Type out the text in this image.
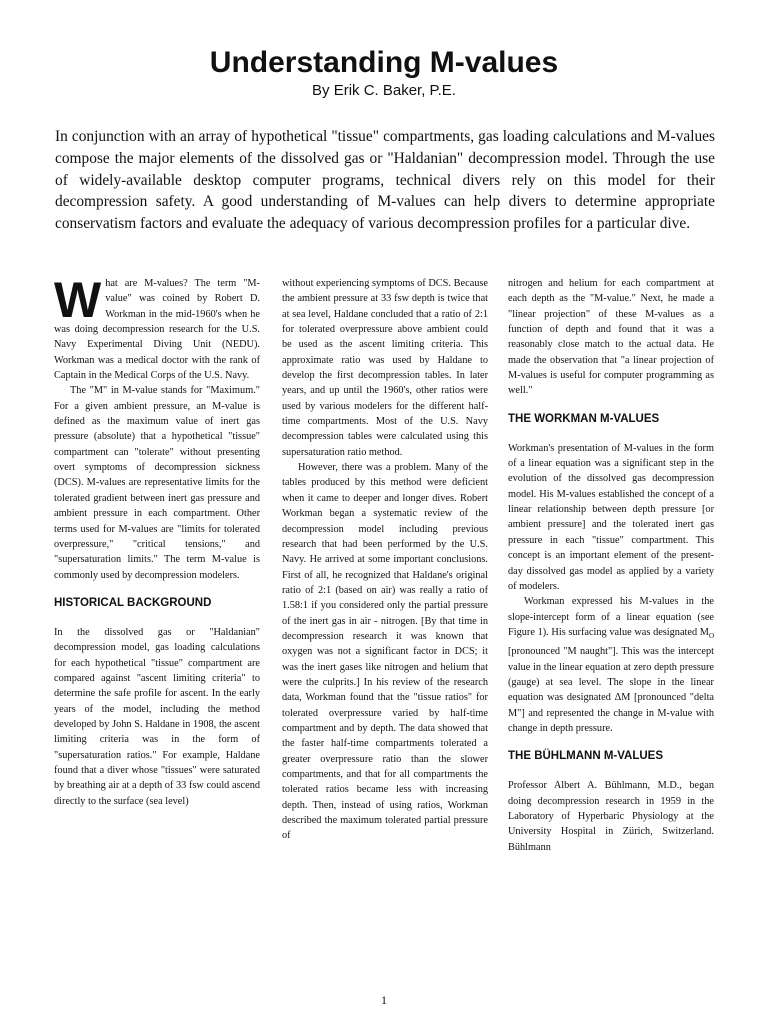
Understanding M-values
By Erik C. Baker, P.E.

In conjunction with an array of hypothetical "tissue" compartments, gas loading calculations and M-values compose the major elements of the dissolved gas or "Haldanian" decompression model. Through the use of widely-available desktop computer programs, technical divers rely on this model for their decompression safety. A good understanding of M-values can help divers to determine appropriate conservatism factors and evaluate the adequacy of various decompression profiles for a particular dive.

W hat are M-values? The term "M-value" was coined by Robert D. Workman in the mid-1960's when he was doing decompression research for the U.S. Navy Experimental Diving Unit (NEDU). Workman was a medical doctor with the rank of Captain in the Medical Corps of the U.S. Navy.

The "M" in M-value stands for "Maximum." For a given ambient pressure, an M-value is defined as the maximum value of inert gas pressure (absolute) that a hypothetical "tissue" compartment can "tolerate" without presenting overt symptoms of decompression sickness (DCS). M-values are representative limits for the tolerated gradient between inert gas pressure and ambient pressure in each compartment. Other terms used for M-values are "limits for tolerated overpressure," "critical tensions," and "supersaturation limits." The term M-value is commonly used by decompression modelers.

HISTORICAL BACKGROUND

In the dissolved gas or "Haldanian" decompression model, gas loading calculations for each hypothetical "tissue" compartment are compared against "ascent limiting criteria" to determine the safe profile for ascent. In the early years of the model, including the method developed by John S. Haldane in 1908, the ascent limiting criteria was in the form of "supersaturation ratios." For example, Haldane found that a diver whose "tissues" were saturated by breathing air at a depth of 33 fsw could ascend directly to the surface (sea level)

without experiencing symptoms of DCS. Because the ambient pressure at 33 fsw depth is twice that at sea level, Haldane concluded that a ratio of 2:1 for tolerated overpressure above ambient could be used as the ascent limiting criteria. This approximate ratio was used by Haldane to develop the first decompression tables. In later years, and up until the 1960's, other ratios were used by various modelers for the different half-time compartments. Most of the U.S. Navy decompression tables were calculated using this supersaturation ratio method.

However, there was a problem. Many of the tables produced by this method were deficient when it came to deeper and longer dives. Robert Workman began a systematic review of the decompression model including previous research that had been performed by the U.S. Navy. He arrived at some important conclusions. First of all, he recognized that Haldane's original ratio of 2:1 (based on air) was really a ratio of 1.58:1 if you considered only the partial pressure of the inert gas in air - nitrogen. [By that time in decompression research it was known that oxygen was not a significant factor in DCS; it was the inert gases like nitrogen and helium that were the culprits.] In his review of the research data, Workman found that the "tissue ratios" for tolerated overpressure varied by half-time compartment and by depth. The data showed that the faster half-time compartments tolerated a greater overpressure ratio than the slower compartments, and that for all compartments the tolerated ratios became less with increasing depth. Then, instead of using ratios, Workman described the maximum tolerated partial pressure of

nitrogen and helium for each compartment at each depth as the "M-value." Next, he made a "linear projection" of these M-values as a function of depth and found that it was a reasonably close match to the actual data. He made the observation that "a linear projection of M-values is useful for computer programming as well."

THE WORKMAN M-VALUES

Workman's presentation of M-values in the form of a linear equation was a significant step in the evolution of the dissolved gas decompression model. His M-values established the concept of a linear relationship between depth pressure [or ambient pressure] and the tolerated inert gas pressure in each "tissue" compartment. This concept is an important element of the present-day dissolved gas model as applied by a variety of modelers.

Workman expressed his M-values in the slope-intercept form of a linear equation (see Figure 1). His surfacing value was designated $M_O$ [pronounced "M naught"]. This was the intercept value in the linear equation at zero depth pressure (gauge) at sea level. The slope in the linear equation was designated ΔM [pronounced "delta M"] and represented the change in M-value with change in depth pressure.

THE BÜHLMANN M-VALUES

Professor Albert A. Bühlmann, M.D., began doing decompression research in 1959 in the Laboratory of Hyperbaric Physiology at the University Hospital in Zürich, Switzerland. Bühlmann

1
